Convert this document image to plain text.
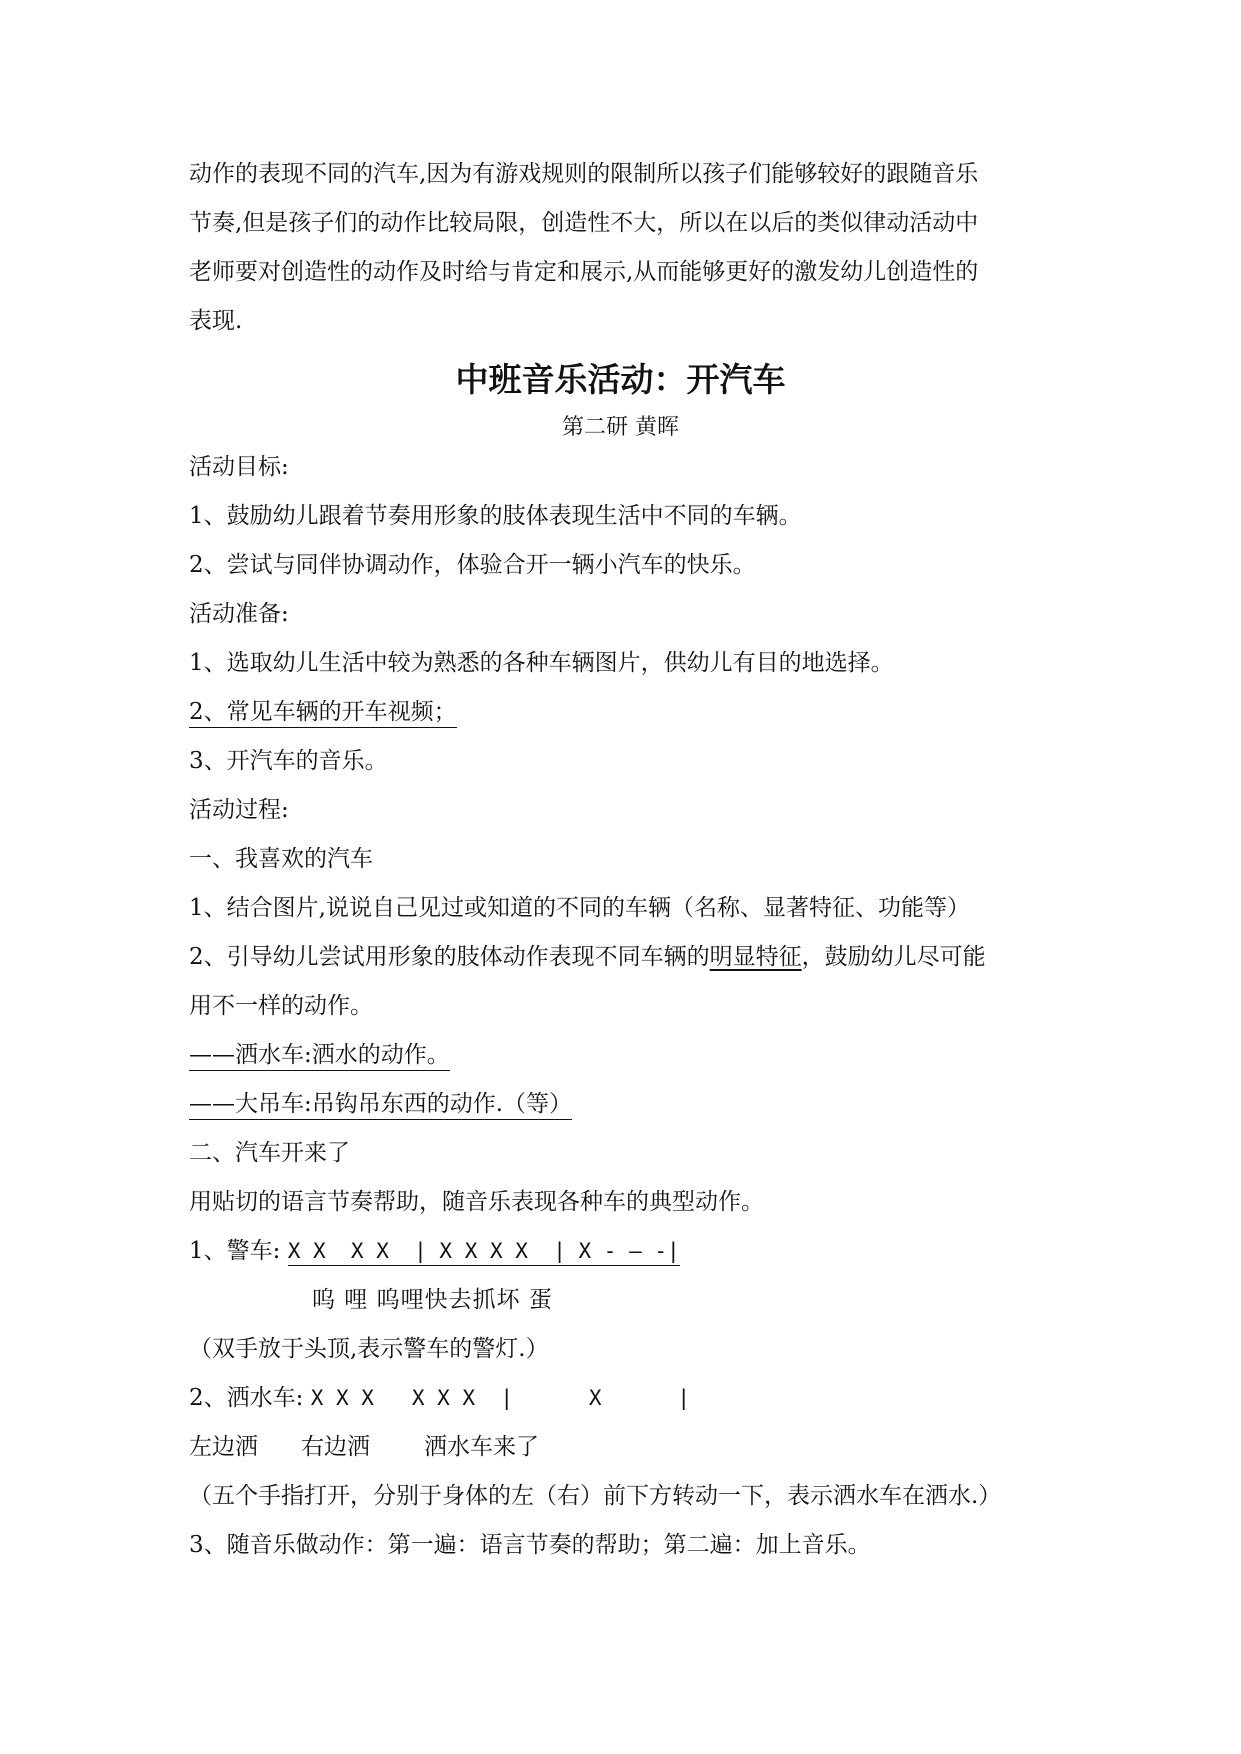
动作的表现不同的汽车,因为有游戏规则的限制所以孩子们能够较好的跟随音乐
节奏,但是孩子们的动作比较局限，创造性不大，所以在以后的类似律动活动中
老师要对创造性的动作及时给与肯定和展示,从而能够更好的激发幼儿创造性的
表现.
中班音乐活动：开汽车
第二研 黄晖
活动目标:
1、鼓励幼儿跟着节奏用形象的肢体表现生活中不同的车辆。
2、尝试与同伴协调动作，体验合开一辆小汽车的快乐。
活动准备:
1、选取幼儿生活中较为熟悉的各种车辆图片，供幼儿有目的地选择。
2、常见车辆的开车视频；
3、开汽车的音乐。
活动过程:
一、我喜欢的汽车
1、结合图片,说说自己见过或知道的不同的车辆（名称、显著特征、功能等）
2、引导幼儿尝试用形象的肢体动作表现不同车辆的明显特征，鼓励幼儿尽可能
用不一样的动作。
——洒水车:洒水的动作。
——大吊车:吊钩吊东西的动作.（等）
二、汽车开来了
用贴切的语言节奏帮助，随音乐表现各种车的典型动作。
1、警车: X X  X X  | X X X X  | X - — -|
呜 哩 呜哩快去抓坏 蛋
（双手放于头顶,表示警车的警灯.）
2、洒水车: X X X   X X X  |      X      |
左边洒 右边洒 洒水车来了
（五个手指打开，分别于身体的左（右）前下方转动一下，表示洒水车在洒水.）
3、随音乐做动作：第一遍：语言节奏的帮助；第二遍：加上音乐。
